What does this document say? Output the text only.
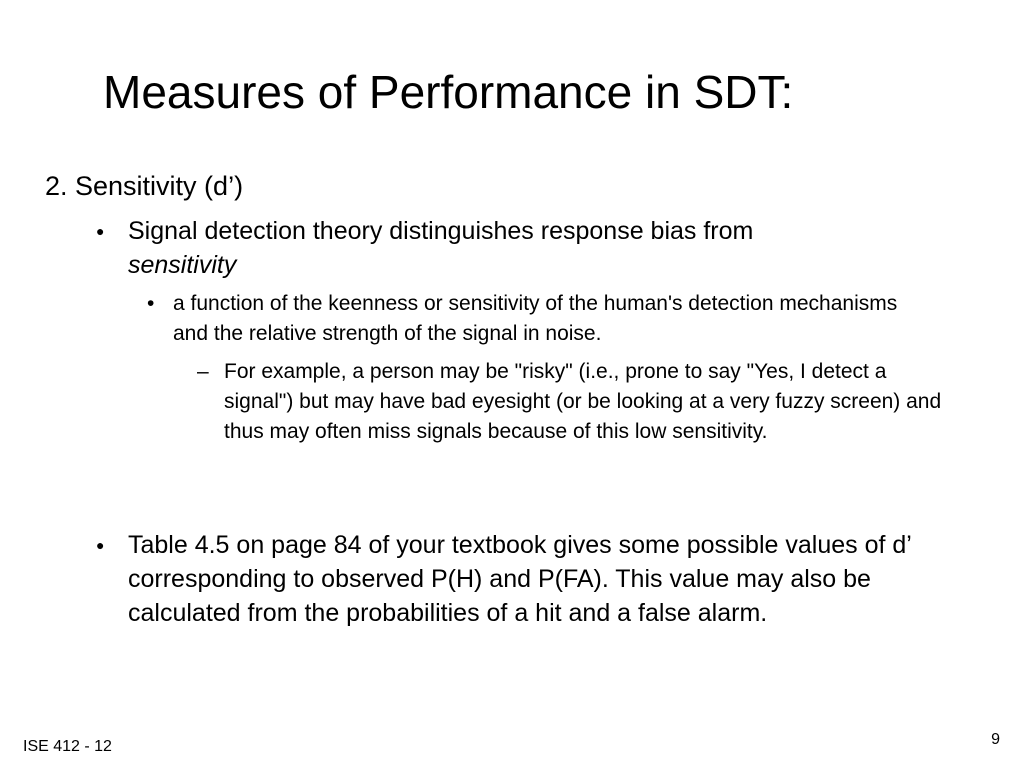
Measures of Performance in SDT:
2. Sensitivity (d’)
● Signal detection theory distinguishes response bias from
sensitivity
• a function of the keenness or sensitivity of the human's detection mechanisms and the relative strength of the signal in noise.
– For example, a person may be "risky" (i.e., prone to say "Yes, I detect a signal") but may have bad eyesight (or be looking at a very fuzzy screen) and thus may often miss signals because of this low sensitivity.
● Table 4.5 on page 84 of your textbook gives some possible values of d’ corresponding to observed P(H) and P(FA). This value may also be calculated from the probabilities of a hit and a false alarm.
ISE 412 - 12	9
